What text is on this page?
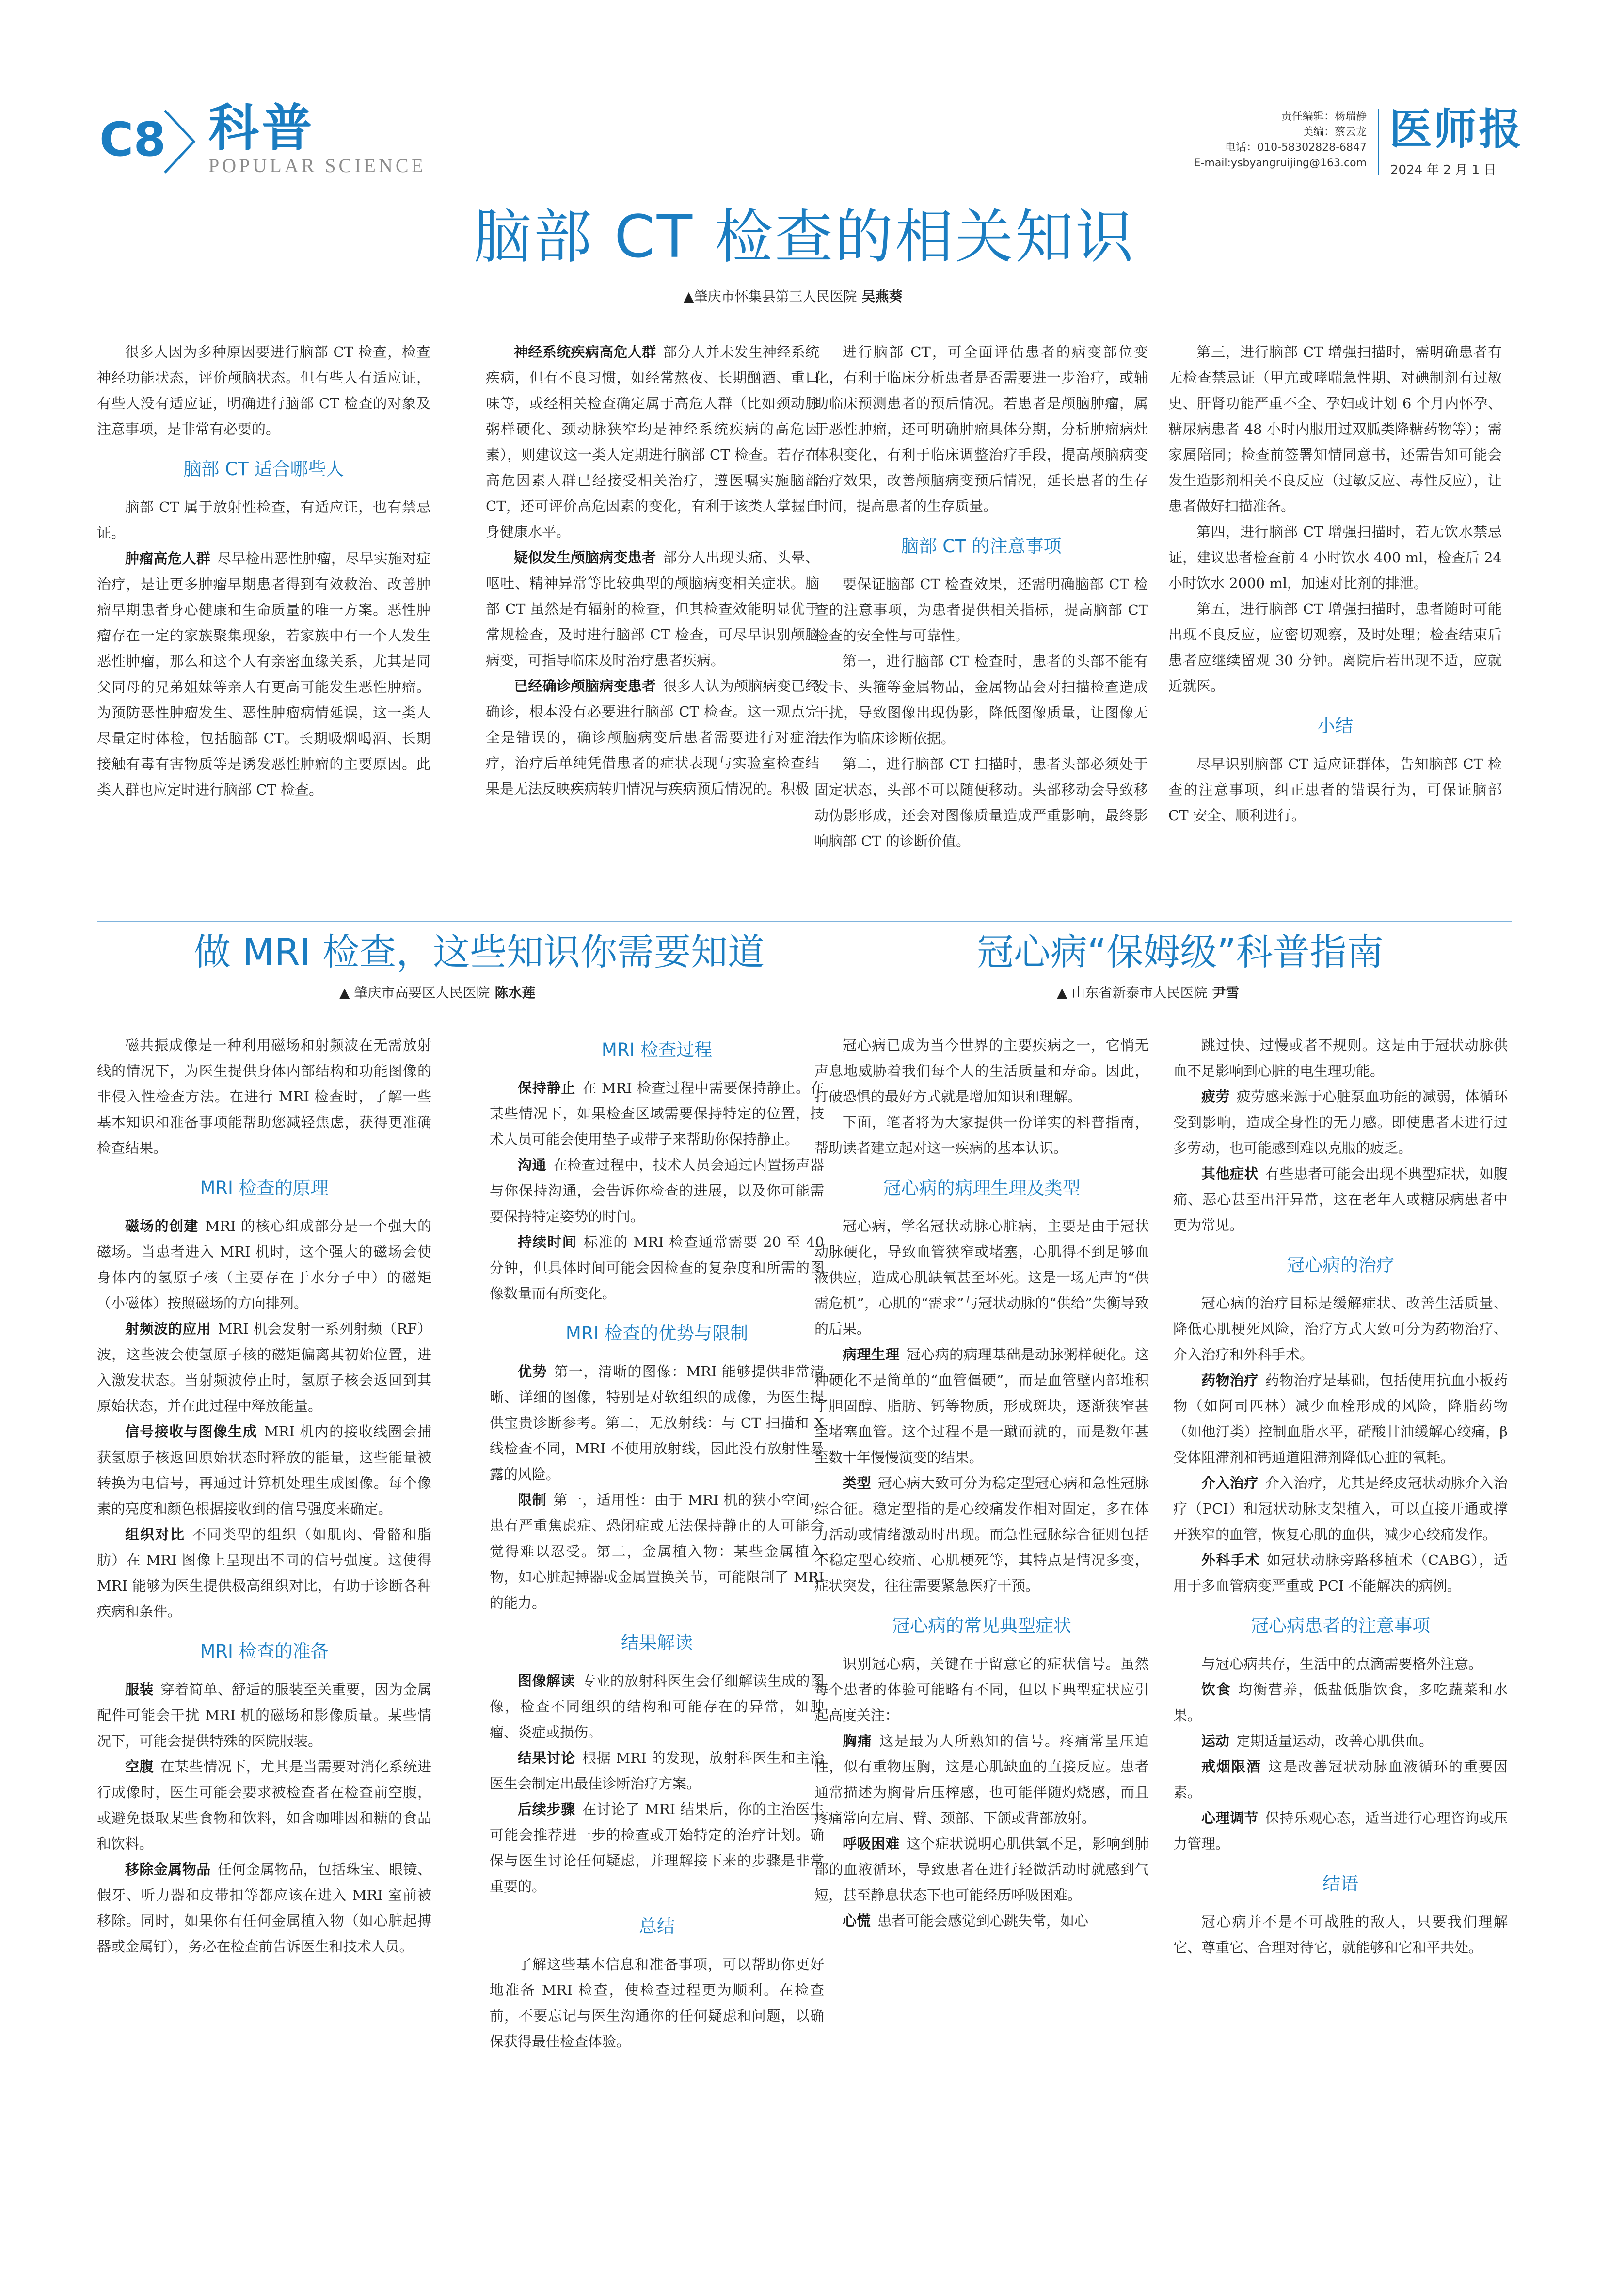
C8 科普
POPULAR SCIENCE
责任编辑：杨瑞静
美编：蔡云龙
电话：010-58302828-6847
E-mail:ysbyangruijing@163.com
医师报
2024 年 2 月 1 日
脑部 CT 检查的相关知识
▲肇庆市怀集县第三人民医院 吴燕葵

很多人因为多种原因要进行脑部 CT 检查，检查神经功能状态，评价颅脑状态。但有些人有适应证，有些人没有适应证，明确进行脑部 CT 检查的对象及注意事项，是非常有必要的。

脑部 CT 适合哪些人

脑部 CT 属于放射性检查，有适应证，也有禁忌证。

肿瘤高危人群 尽早检出恶性肿瘤，尽早实施对症治疗，是让更多肿瘤早期患者得到有效救治、改善肿瘤早期患者身心健康和生命质量的唯一方案。恶性肿瘤存在一定的家族聚集现象，若家族中有一个人发生恶性肿瘤，那么和这个人有亲密血缘关系，尤其是同父同母的兄弟姐妹等亲人有更高可能发生恶性肿瘤。为预防恶性肿瘤发生、恶性肿瘤病情延误，这一类人尽量定时体检，包括脑部 CT。长期吸烟喝酒、长期接触有毒有害物质等是诱发恶性肿瘤的主要原因。此类人群也应定时进行脑部 CT 检查。

神经系统疾病高危人群 部分人并未发生神经系统疾病，但有不良习惯，如经常熬夜、长期酗酒、重口味等，或经相关检查确定属于高危人群（比如颈动脉粥样硬化、颈动脉狭窄均是神经系统疾病的高危因素），则建议这一类人定期进行脑部 CT 检查。若存在高危因素人群已经接受相关治疗，遵医嘱实施脑部 CT，还可评价高危因素的变化，有利于该类人掌握自身健康水平。

疑似发生颅脑病变患者 部分人出现头痛、头晕、呕吐、精神异常等比较典型的颅脑病变相关症状。脑部 CT 虽然是有辐射的检查，但其检查效能明显优于常规检查，及时进行脑部 CT 检查，可尽早识别颅脑病变，可指导临床及时治疗患者疾病。

已经确诊颅脑病变患者 很多人认为颅脑病变已经确诊，根本没有必要进行脑部 CT 检查。这一观点完全是错误的，确诊颅脑病变后患者需要进行对症治疗，治疗后单纯凭借患者的症状表现与实验室检查结果是无法反映疾病转归情况与疾病预后情况的。积极

进行脑部 CT，可全面评估患者的病变部位变化，有利于临床分析患者是否需要进一步治疗，或辅助临床预测患者的预后情况。若患者是颅脑肿瘤，属于恶性肿瘤，还可明确肿瘤具体分期，分析肿瘤病灶体积变化，有利于临床调整治疗手段，提高颅脑病变治疗效果，改善颅脑病变预后情况，延长患者的生存时间，提高患者的生存质量。

脑部 CT 的注意事项

要保证脑部 CT 检查效果，还需明确脑部 CT 检查的注意事项，为患者提供相关指标，提高脑部 CT 检查的安全性与可靠性。

第一，进行脑部 CT 检查时，患者的头部不能有发卡、头箍等金属物品，金属物品会对扫描检查造成干扰，导致图像出现伪影，降低图像质量，让图像无法作为临床诊断依据。

第二，进行脑部 CT 扫描时，患者头部必须处于固定状态，头部不可以随便移动。头部移动会导致移动伪影形成，还会对图像质量造成严重影响，最终影响脑部 CT 的诊断价值。

第三，进行脑部 CT 增强扫描时，需明确患者有无检查禁忌证（甲亢或哮喘急性期、对碘制剂有过敏史、肝肾功能严重不全、孕妇或计划 6 个月内怀孕、糖尿病患者 48 小时内服用过双胍类降糖药物等）；需家属陪同；检查前签署知情同意书，还需告知可能会发生造影剂相关不良反应（过敏反应、毒性反应），让患者做好扫描准备。

第四，进行脑部 CT 增强扫描时，若无饮水禁忌证，建议患者检查前 4 小时饮水 400 ml，检查后 24 小时饮水 2000 ml，加速对比剂的排泄。

第五，进行脑部 CT 增强扫描时，患者随时可能出现不良反应，应密切观察，及时处理；检查结束后患者应继续留观 30 分钟。离院后若出现不适，应就近就医。

小结

尽早识别脑部 CT 适应证群体，告知脑部 CT 检查的注意事项，纠正患者的错误行为，可保证脑部 CT 安全、顺利进行。

做 MRI 检查，这些知识你需要知道
▲ 肇庆市高要区人民医院 陈水莲

磁共振成像是一种利用磁场和射频波在无需放射线的情况下，为医生提供身体内部结构和功能图像的非侵入性检查方法。在进行 MRI 检查时，了解一些基本知识和准备事项能帮助您减轻焦虑，获得更准确检查结果。

MRI 检查的原理

磁场的创建 MRI 的核心组成部分是一个强大的磁场。当患者进入 MRI 机时，这个强大的磁场会使身体内的氢原子核（主要存在于水分子中）的磁矩（小磁体）按照磁场的方向排列。

射频波的应用 MRI 机会发射一系列射频（RF）波，这些波会使氢原子核的磁矩偏离其初始位置，进入激发状态。当射频波停止时，氢原子核会返回到其原始状态，并在此过程中释放能量。

信号接收与图像生成 MRI 机内的接收线圈会捕获氢原子核返回原始状态时释放的能量，这些能量被转换为电信号，再通过计算机处理生成图像。每个像素的亮度和颜色根据接收到的信号强度来确定。

组织对比 不同类型的组织（如肌肉、骨骼和脂肪）在 MRI 图像上呈现出不同的信号强度。这使得 MRI 能够为医生提供极高组织对比，有助于诊断各种疾病和条件。

MRI 检查的准备

服装 穿着简单、舒适的服装至关重要，因为金属配件可能会干扰 MRI 机的磁场和影像质量。某些情况下，可能会提供特殊的医院服装。

空腹 在某些情况下，尤其是当需要对消化系统进行成像时，医生可能会要求被检查者在检查前空腹，或避免摄取某些食物和饮料，如含咖啡因和糖的食品和饮料。

移除金属物品 任何金属物品，包括珠宝、眼镜、假牙、听力器和皮带扣等都应该在进入 MRI 室前被移除。同时，如果你有任何金属植入物（如心脏起搏器或金属钉），务必在检查前告诉医生和技术人员。

MRI 检查过程

保持静止 在 MRI 检查过程中需要保持静止。在某些情况下，如果检查区域需要保持特定的位置，技术人员可能会使用垫子或带子来帮助你保持静止。

沟通 在检查过程中，技术人员会通过内置扬声器与你保持沟通，会告诉你检查的进展，以及你可能需要保持特定姿势的时间。

持续时间 标准的 MRI 检查通常需要 20 至 40 分钟，但具体时间可能会因检查的复杂度和所需的图像数量而有所变化。

MRI 检查的优势与限制

优势 第一，清晰的图像：MRI 能够提供非常清晰、详细的图像，特别是对软组织的成像，为医生提供宝贵诊断参考。第二，无放射线：与 CT 扫描和 X 线检查不同，MRI 不使用放射线，因此没有放射性暴露的风险。

限制 第一，适用性：由于 MRI 机的狭小空间，患有严重焦虑症、恐闭症或无法保持静止的人可能会觉得难以忍受。第二，金属植入物：某些金属植入物，如心脏起搏器或金属置换关节，可能限制了 MRI 的能力。

结果解读

图像解读 专业的放射科医生会仔细解读生成的图像，检查不同组织的结构和可能存在的异常，如肿瘤、炎症或损伤。

结果讨论 根据 MRI 的发现，放射科医生和主治医生会制定出最佳诊断治疗方案。

后续步骤 在讨论了 MRI 结果后，你的主治医生可能会推荐进一步的检查或开始特定的治疗计划。确保与医生讨论任何疑虑，并理解接下来的步骤是非常重要的。

总结

了解这些基本信息和准备事项，可以帮助你更好地准备 MRI 检查，使检查过程更为顺利。在检查前，不要忘记与医生沟通你的任何疑虑和问题，以确保获得最佳检查体验。

冠心病“保姆级”科普指南
▲ 山东省新泰市人民医院 尹雪

冠心病已成为当今世界的主要疾病之一，它悄无声息地威胁着我们每个人的生活质量和寿命。因此，打破恐惧的最好方式就是增加知识和理解。

下面，笔者将为大家提供一份详实的科普指南，帮助读者建立起对这一疾病的基本认识。

冠心病的病理生理及类型

冠心病，学名冠状动脉心脏病，主要是由于冠状动脉硬化，导致血管狭窄或堵塞，心肌得不到足够血液供应，造成心肌缺氧甚至坏死。这是一场无声的“供需危机”，心肌的“需求”与冠状动脉的“供给”失衡导致的后果。

病理生理 冠心病的病理基础是动脉粥样硬化。这种硬化不是简单的“血管僵硬”，而是血管壁内部堆积了胆固醇、脂肪、钙等物质，形成斑块，逐渐狭窄甚至堵塞血管。这个过程不是一蹴而就的，而是数年甚至数十年慢慢演变的结果。

类型 冠心病大致可分为稳定型冠心病和急性冠脉综合征。稳定型指的是心绞痛发作相对固定，多在体力活动或情绪激动时出现。而急性冠脉综合征则包括不稳定型心绞痛、心肌梗死等，其特点是情况多变，症状突发，往往需要紧急医疗干预。

冠心病的常见典型症状

识别冠心病，关键在于留意它的症状信号。虽然每个患者的体验可能略有不同，但以下典型症状应引起高度关注：

胸痛 这是最为人所熟知的信号。疼痛常呈压迫性，似有重物压胸，这是心肌缺血的直接反应。患者通常描述为胸骨后压榨感，也可能伴随灼烧感，而且疼痛常向左肩、臂、颈部、下颌或背部放射。

呼吸困难 这个症状说明心肌供氧不足，影响到肺部的血液循环，导致患者在进行轻微活动时就感到气短，甚至静息状态下也可能经历呼吸困难。

心慌 患者可能会感觉到心跳失常，如心

跳过快、过慢或者不规则。这是由于冠状动脉供血不足影响到心脏的电生理功能。

疲劳 疲劳感来源于心脏泵血功能的减弱，体循环受到影响，造成全身性的无力感。即使患者未进行过多劳动，也可能感到难以克服的疲乏。

其他症状 有些患者可能会出现不典型症状，如腹痛、恶心甚至出汗异常，这在老年人或糖尿病患者中更为常见。

冠心病的治疗

冠心病的治疗目标是缓解症状、改善生活质量、降低心肌梗死风险，治疗方式大致可分为药物治疗、介入治疗和外科手术。

药物治疗 药物治疗是基础，包括使用抗血小板药物（如阿司匹林）减少血栓形成的风险，降脂药物（如他汀类）控制血脂水平，硝酸甘油缓解心绞痛，β 受体阻滞剂和钙通道阻滞剂降低心脏的氧耗。

介入治疗 介入治疗，尤其是经皮冠状动脉介入治疗（PCI）和冠状动脉支架植入，可以直接开通或撑开狭窄的血管，恢复心肌的血供，减少心绞痛发作。

外科手术 如冠状动脉旁路移植术（CABG），适用于多血管病变严重或 PCI 不能解决的病例。

冠心病患者的注意事项

与冠心病共存，生活中的点滴需要格外注意。

饮食 均衡营养，低盐低脂饮食，多吃蔬菜和水果。

运动 定期适量运动，改善心肌供血。

戒烟限酒 这是改善冠状动脉血液循环的重要因素。

心理调节 保持乐观心态，适当进行心理咨询或压力管理。

结语

冠心病并不是不可战胜的敌人，只要我们理解它、尊重它、合理对待它，就能够和它和平共处。
